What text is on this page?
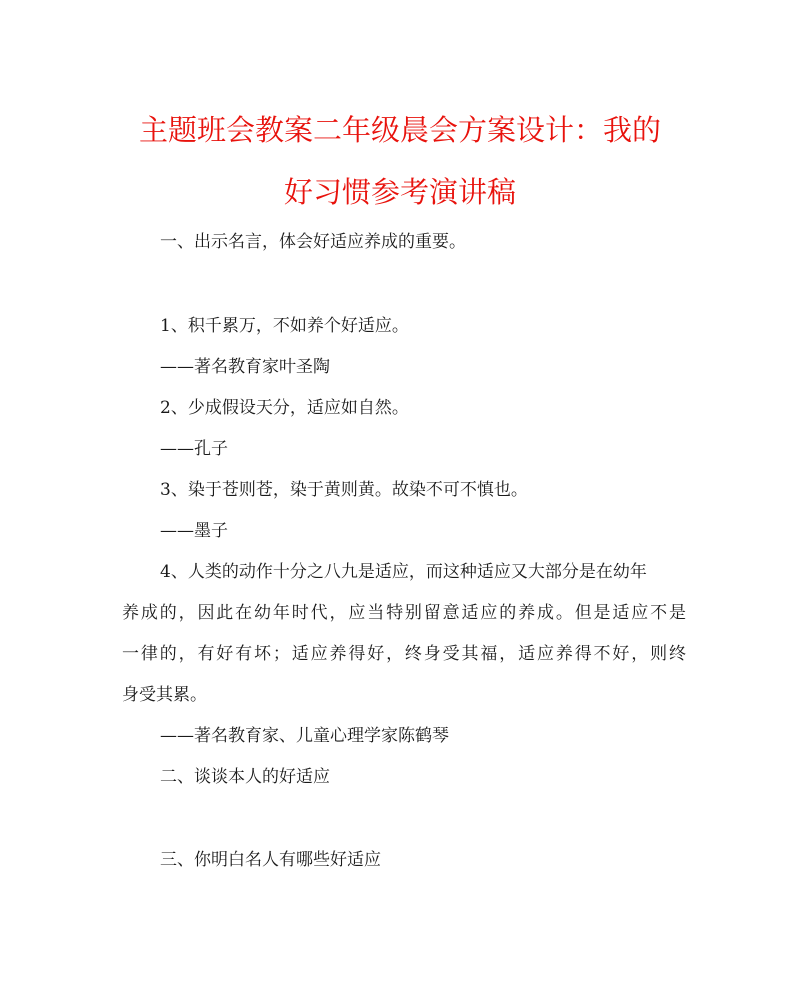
主题班会教案二年级晨会方案设计：我的
好习惯参考演讲稿

一、出示名言，体会好适应养成的重要。

1、积千累万，不如养个好适应。

——著名教育家叶圣陶

2、少成假设天分，适应如自然。

——孔子

3、染于苍则苍，染于黄则黄。故染不可不慎也。

——墨子

4、人类的动作十分之八九是适应，而这种适应又大部分是在幼年

养成的，因此在幼年时代，应当特别留意适应的养成。但是适应不是

一律的，有好有坏；适应养得好，终身受其福，适应养得不好，则终

身受其累。

——著名教育家、儿童心理学家陈鹤琴

二、谈谈本人的好适应

三、你明白名人有哪些好适应
